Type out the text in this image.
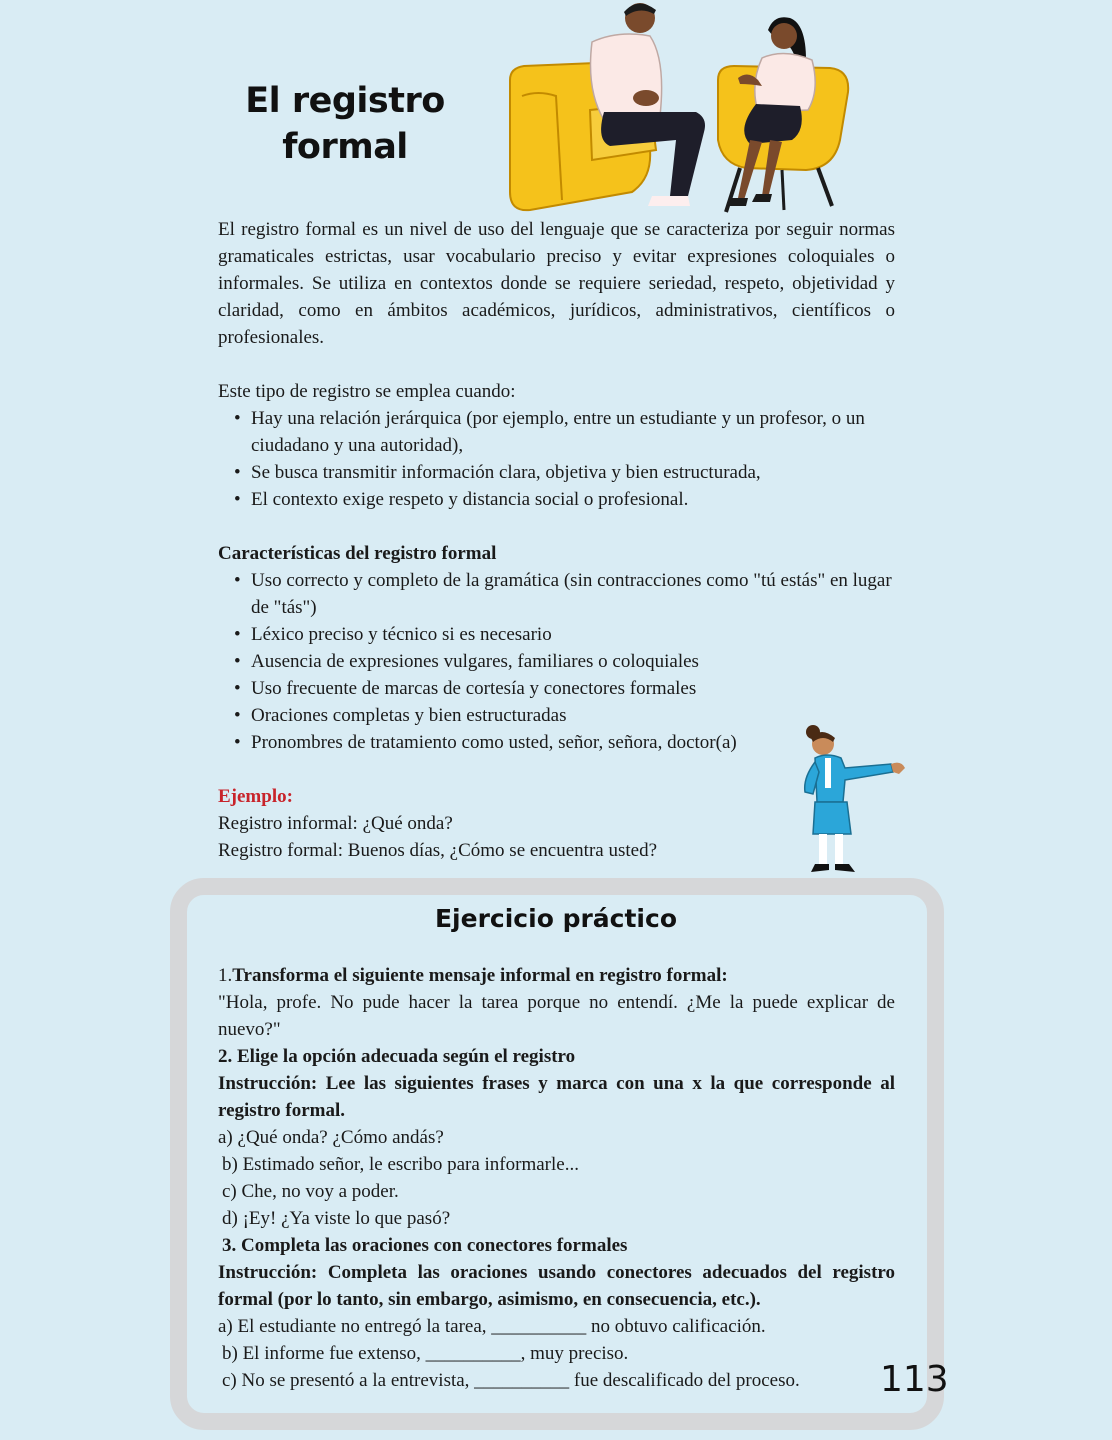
El registro
formal

El registro formal es un nivel de uso del lenguaje que se caracteriza por seguir normas gramaticales estrictas, usar vocabulario preciso y evitar expresiones coloquiales o informales. Se utiliza en contextos donde se requiere seriedad, respeto, objetividad y claridad, como en ámbitos académicos, jurídicos, administrativos, científicos o profesionales.

Este tipo de registro se emplea cuando:

• Hay una relación jerárquica (por ejemplo, entre un estudiante y un profesor, o un ciudadano y una autoridad),
• Se busca transmitir información clara, objetiva y bien estructurada,
• El contexto exige respeto y distancia social o profesional.

Características del registro formal

• Uso correcto y completo de la gramática (sin contracciones como "tú estás" en lugar de "tás")
• Léxico preciso y técnico si es necesario
• Ausencia de expresiones vulgares, familiares o coloquiales
• Uso frecuente de marcas de cortesía y conectores formales
• Oraciones completas y bien estructuradas
• Pronombres de tratamiento como usted, señor, señora, doctor(a)

Ejemplo:

Registro informal: ¿Qué onda?

Registro formal: Buenos días, ¿Cómo se encuentra usted?

Ejercicio práctico

1.Transforma el siguiente mensaje informal en registro formal:

"Hola, profe. No pude hacer la tarea porque no entendí. ¿Me la puede explicar de nuevo?"

2. Elige la opción adecuada según el registro

Instrucción: Lee las siguientes frases y marca con una x la que corresponde al registro formal.

a) ¿Qué onda? ¿Cómo andás?

b) Estimado señor, le escribo para informarle...

c) Che, no voy a poder.

d) ¡Ey! ¿Ya viste lo que pasó?

3. Completa las oraciones con conectores formales

Instrucción: Completa las oraciones usando conectores adecuados del registro formal (por lo tanto, sin embargo, asimismo, en consecuencia, etc.).

a) El estudiante no entregó la tarea, __________ no obtuvo calificación.

b) El informe fue extenso, __________, muy preciso.

c) No se presentó a la entrevista, __________ fue descalificado del proceso.	113
